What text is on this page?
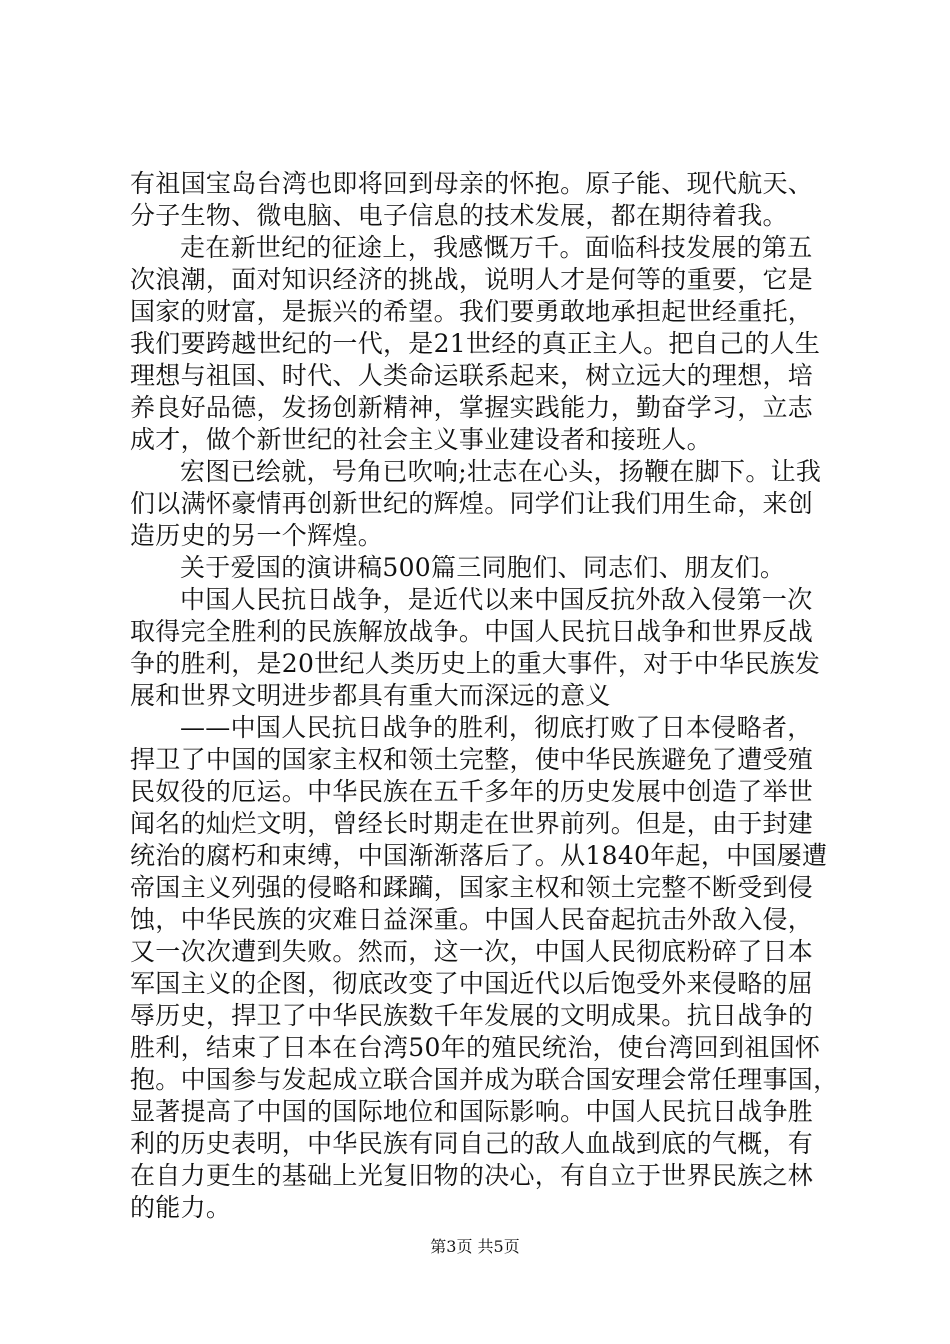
有祖国宝岛台湾也即将回到母亲的怀抱。原子能、现代航天、
分子生物、微电脑、电子信息的技术发展，都在期待着我。
走在新世纪的征途上，我感慨万千。面临科技发展的第五
次浪潮，面对知识经济的挑战，说明人才是何等的重要，它是
国家的财富，是振兴的希望。我们要勇敢地承担起世经重托，
我们要跨越世纪的一代，是21世经的真正主人。把自己的人生
理想与祖国、时代、人类命运联系起来，树立远大的理想，培
养良好品德，发扬创新精神，掌握实践能力，勤奋学习，立志
成才，做个新世纪的社会主义事业建设者和接班人。
宏图已绘就，号角已吹响;壮志在心头，扬鞭在脚下。让我
们以满怀豪情再创新世纪的辉煌。同学们让我们用生命，来创
造历史的另一个辉煌。
关于爱国的演讲稿500篇三同胞们、同志们、朋友们。
中国人民抗日战争，是近代以来中国反抗外敌入侵第一次
取得完全胜利的民族解放战争。中国人民抗日战争和世界反战
争的胜利，是20世纪人类历史上的重大事件，对于中华民族发
展和世界文明进步都具有重大而深远的意义
——中国人民抗日战争的胜利，彻底打败了日本侵略者，
捍卫了中国的国家主权和领土完整，使中华民族避免了遭受殖
民奴役的厄运。中华民族在五千多年的历史发展中创造了举世
闻名的灿烂文明，曾经长时期走在世界前列。但是，由于封建
统治的腐朽和束缚，中国渐渐落后了。从1840年起，中国屡遭
帝国主义列强的侵略和蹂躏，国家主权和领土完整不断受到侵
蚀，中华民族的灾难日益深重。中国人民奋起抗击外敌入侵，
又一次次遭到失败。然而，这一次，中国人民彻底粉碎了日本
军国主义的企图，彻底改变了中国近代以后饱受外来侵略的屈
辱历史，捍卫了中华民族数千年发展的文明成果。抗日战争的
胜利，结束了日本在台湾50年的殖民统治，使台湾回到祖国怀
抱。中国参与发起成立联合国并成为联合国安理会常任理事国，
显著提高了中国的国际地位和国际影响。中国人民抗日战争胜
利的历史表明，中华民族有同自己的敌人血战到底的气概，有
在自力更生的基础上光复旧物的决心，有自立于世界民族之林
的能力。
第3页 共5页
